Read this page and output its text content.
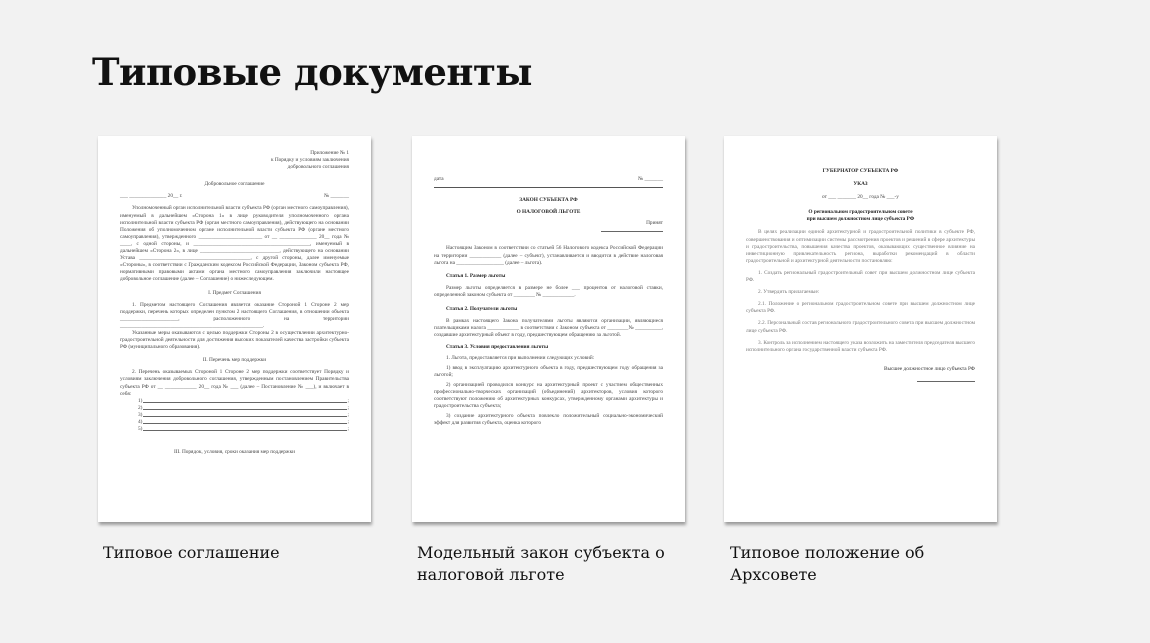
Типовые документы

Приложение № 1

к Порядку и условиям заключения

добровольного соглашения

Добровольное соглашение

___ ______________ 20__ г.	№ _______

Уполномоченный орган исполнительной власти субъекта РФ (орган местного самоуправления), именуемый в дальнейшем «Сторона 1» в лице руководителя уполномоченного органа исполнительной власти субъекта РФ (орган местного самоуправления), действующего на основании Положения об уполномоченном органе исполнительной власти субъекта РФ (органе местного самоуправления), утвержденного ________________________ от __ ______________ 20__ года № ____, с одной стороны, и ____________________________________________, именуемый в дальнейшем «Сторона 2», в лице ______________________________, действующего на основании Устава __________________________________________, с другой стороны, далее именуемые «Стороны», в соответствии с Гражданским кодексом Российской Федерации, Законом субъекта РФ, нормативными правовыми актами органа местного самоуправления заключили настоящее добровольное соглашение (далее – Соглашение) о нижеследующем.

I. Предмет Соглашения

1. Предметом настоящего Соглашения является оказание Стороной 1 Стороне 2 мер поддержки, перечень которых определен пунктом 2 настоящего Соглашения, в отношении объекта ______________________, расположенного на территории ______________________________________________________.

Указанные меры оказываются с целью поддержки Стороны 2 в осуществлении архитектурно-градостроительной деятельности для достижения высоких показателей качества застройки субъекта РФ (муниципального образования).

II. Перечень мер поддержки

2. Перечень оказываемых Стороной 1 Стороне 2 мер поддержки соответствует Порядку и условиям заключения добровольного соглашения, утвержденным постановлением Правительства субъекта РФ от __ ____________ 20__ года № ___ (далее – Постановление № ___), и включает в себя:

1)	;
2)	;
3)	;
4)	;
5)	;

III. Порядок, условия, сроки оказания мер поддержки

дата	№ _______

ЗАКОН СУБЪЕКТА РФ

О НАЛОГОВОЙ ЛЬГОТЕ

Принят

Настоящим Законом в соответствии со статьей 56 Налогового кодекса Российской Федерации на территории ____________ (далее – субъект), устанавливается и вводится в действие налоговая льгота на __________________ (далее – льгота).

Статья 1. Размер льготы

Размер льготы определяется в размере не более ___ процентов от налоговой ставки, определенной законом субъекта от ________ № ____________.

Статья 2. Получатели льготы

В рамках настоящего Закона получателями льготы являются организации, являющиеся плательщиками налога ____________ в соответствии с Законом субъекта от ________№ __________, создавшие архитектурный объект в году, предшествующем обращению за льготой.

Статья 3. Условия предоставления льготы

1. Льгота, предоставляется при выполнении следующих условий:

1) ввод в эксплуатацию архитектурного объекта в году, предшествующем году обращения за льготой;

2) организацией проводился конкурс на архитектурный проект с участием общественных профессионально-творческих организаций (объединений) архитекторов, условия которого соответствуют положению об архитектурных конкурсах, утвержденному органами архитектуры и градостроительства субъекта;

3) создание архитектурного объекта повлекло положительный социально-экономический эффект для развития субъекта, оценка которого

ГУБЕРНАТОР СУБЪЕКТА РФ

УКАЗ

от ___ _______ 20__ года № ___-у

О региональном градостроительном совете

при высшем должностном лице субъекта РФ

В целях реализации единой архитектурной и градостроительной политики в субъекте РФ, совершенствования и оптимизации системы рассмотрения проектов и решений в сфере архитектуры и градостроительства, повышения качества проектов, оказывающих существенное влияние на инвестиционную привлекательность региона, выработки рекомендаций в области градостроительной и архитектурной деятельности постановляю:

1. Создать региональный градостроительный совет при высшем должностном лице субъекта РФ.

2. Утвердить прилагаемые:

2.1. Положение о региональном градостроительном совете при высшем должностном лице субъекта РФ.

2.2. Персональный состав регионального градостроительного совета при высшем должностном лице субъекта РФ.

3. Контроль за исполнением настоящего указа возложить на заместителя председателя высшего исполнительного органа государственной власти субъекта РФ.

Высшее должностное лицо субъекта РФ

Типовое соглашение	Модельный закон субъекта о налоговой льготе
Типовое положение об Архсовете
